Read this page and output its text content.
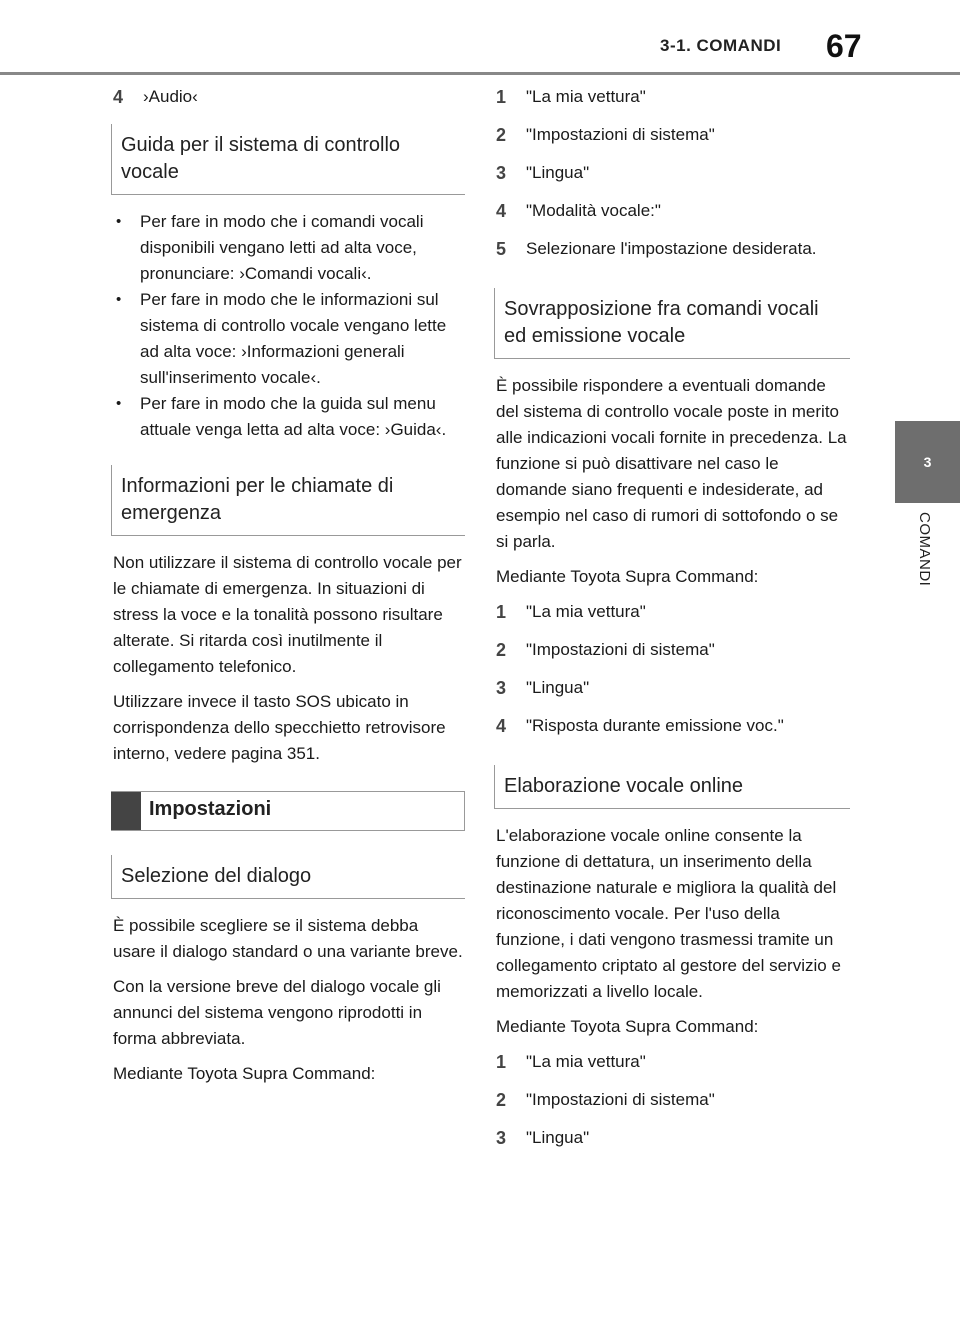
3-1. COMANDI 67
3
COMANDI
4 ›Audio‹
Guida per il sistema di controllo vocale
• Per fare in modo che i comandi vocali disponibili vengano letti ad alta voce, pronunciare: ›Comandi vocali‹.
• Per fare in modo che le informazioni sul sistema di controllo vocale vengano lette ad alta voce: ›Informazioni generali sull'inserimento vocale‹.
• Per fare in modo che la guida sul menu attuale venga letta ad alta voce: ›Guida‹.
Informazioni per le chiamate di emergenza

Non utilizzare il sistema di controllo vocale per le chiamate di emergenza. In situazioni di stress la voce e la tonalità possono risultare alterate. Si ritarda così inutilmente il collegamento telefonico.

Utilizzare invece il tasto SOS ubicato in corrispondenza dello specchietto retrovisore interno, vedere pagina 351.

Impostazioni
Selezione del dialogo

È possibile scegliere se il sistema debba usare il dialogo standard o una variante breve.

Con la versione breve del dialogo vocale gli annunci del sistema vengono riprodotti in forma abbreviata.

Mediante Toyota Supra Command:

1 "La mia vettura"
2 "Impostazioni di sistema"
3 "Lingua"
4 "Modalità vocale:"
5 Selezionare l'impostazione desiderata.
Sovrapposizione fra comandi vocali ed emissione vocale

È possibile rispondere a eventuali domande del sistema di controllo vocale poste in merito alle indicazioni vocali fornite in precedenza. La funzione si può disattivare nel caso le domande siano frequenti e indesiderate, ad esempio nel caso di rumori di sottofondo o se si parla.

Mediante Toyota Supra Command:

1 "La mia vettura"
2 "Impostazioni di sistema"
3 "Lingua"
4 "Risposta durante emissione voc."
Elaborazione vocale online

L'elaborazione vocale online consente la funzione di dettatura, un inserimento della destinazione naturale e migliora la qualità del riconoscimento vocale. Per l'uso della funzione, i dati vengono trasmessi tramite un collegamento criptato al gestore del servizio e memorizzati a livello locale.

Mediante Toyota Supra Command:

1 "La mia vettura"
2 "Impostazioni di sistema"
3 "Lingua"
